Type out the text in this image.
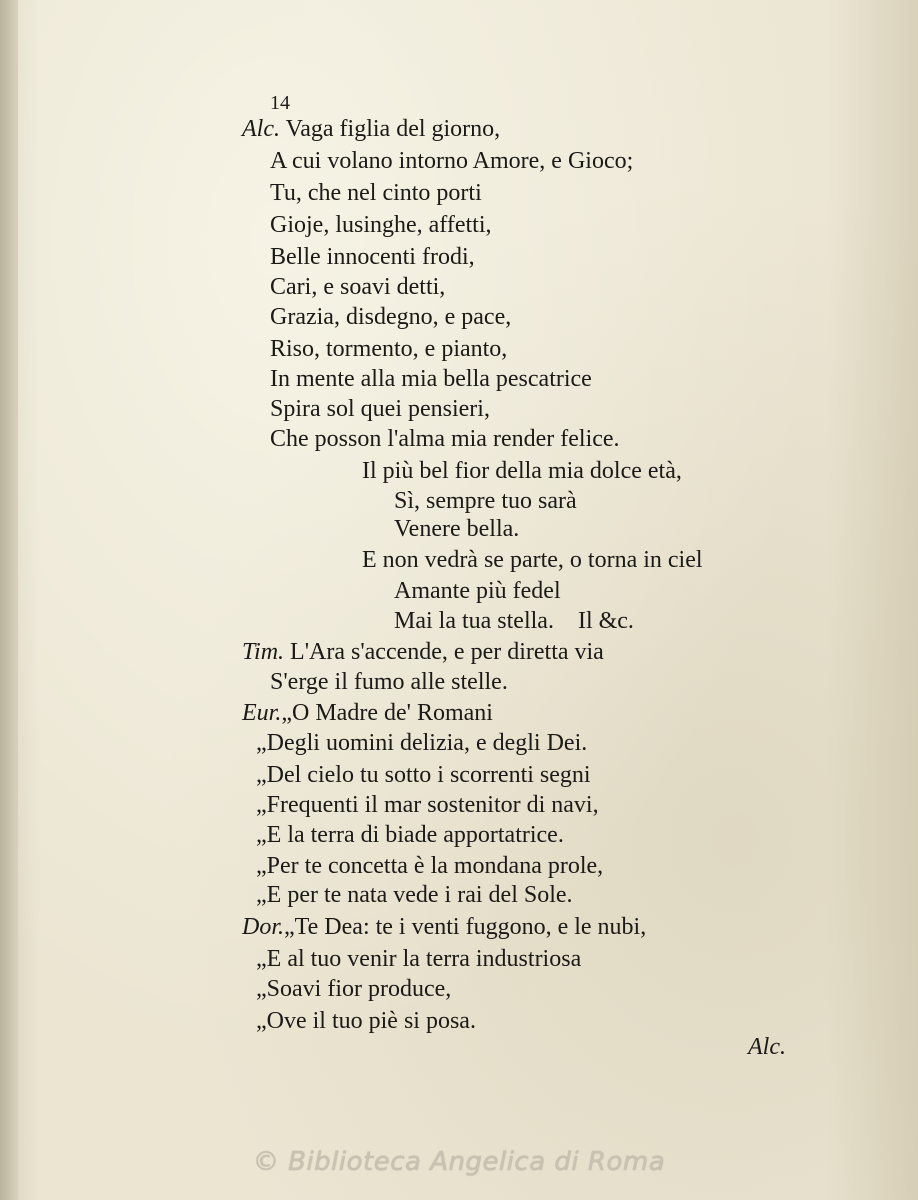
14
Alc. Vaga figlia del giorno,
A cui volano intorno Amore, e Gioco;
Tu, che nel cinto porti
Gioje, lusinghe, affetti,
Belle innocenti frodi,
Cari, e soavi detti,
Grazia, disdegno, e pace,
Riso, tormento, e pianto,
In mente alla mia bella pescatrice
Spira sol quei pensieri,
Che posson l'alma mia render felice.
Il più bel fior della mia dolce età,
Sì, sempre tuo sarà
Venere bella.
E non vedrà se parte, o torna in ciel
Amante più fedel
Mai la tua stella.    Il &c.
Tim. L'Ara s'accende, e per diretta via
S'erge il fumo alle stelle.
Eur.„O Madre de' Romani
„Degli uomini delizia, e degli Dei.
„Del cielo tu sotto i scorrenti segni
„Frequenti il mar sostenitor di navi,
„E la terra di biade apportatrice.
„Per te concetta è la mondana prole,
„E per te nata vede i rai del Sole.
Dor.„Te Dea: te i venti fuggono, e le nubi,
„E al tuo venir la terra industriosa
„Soavi fior produce,
„Ove il tuo piè si posa.
Alc.
© Biblioteca Angelica di Roma
